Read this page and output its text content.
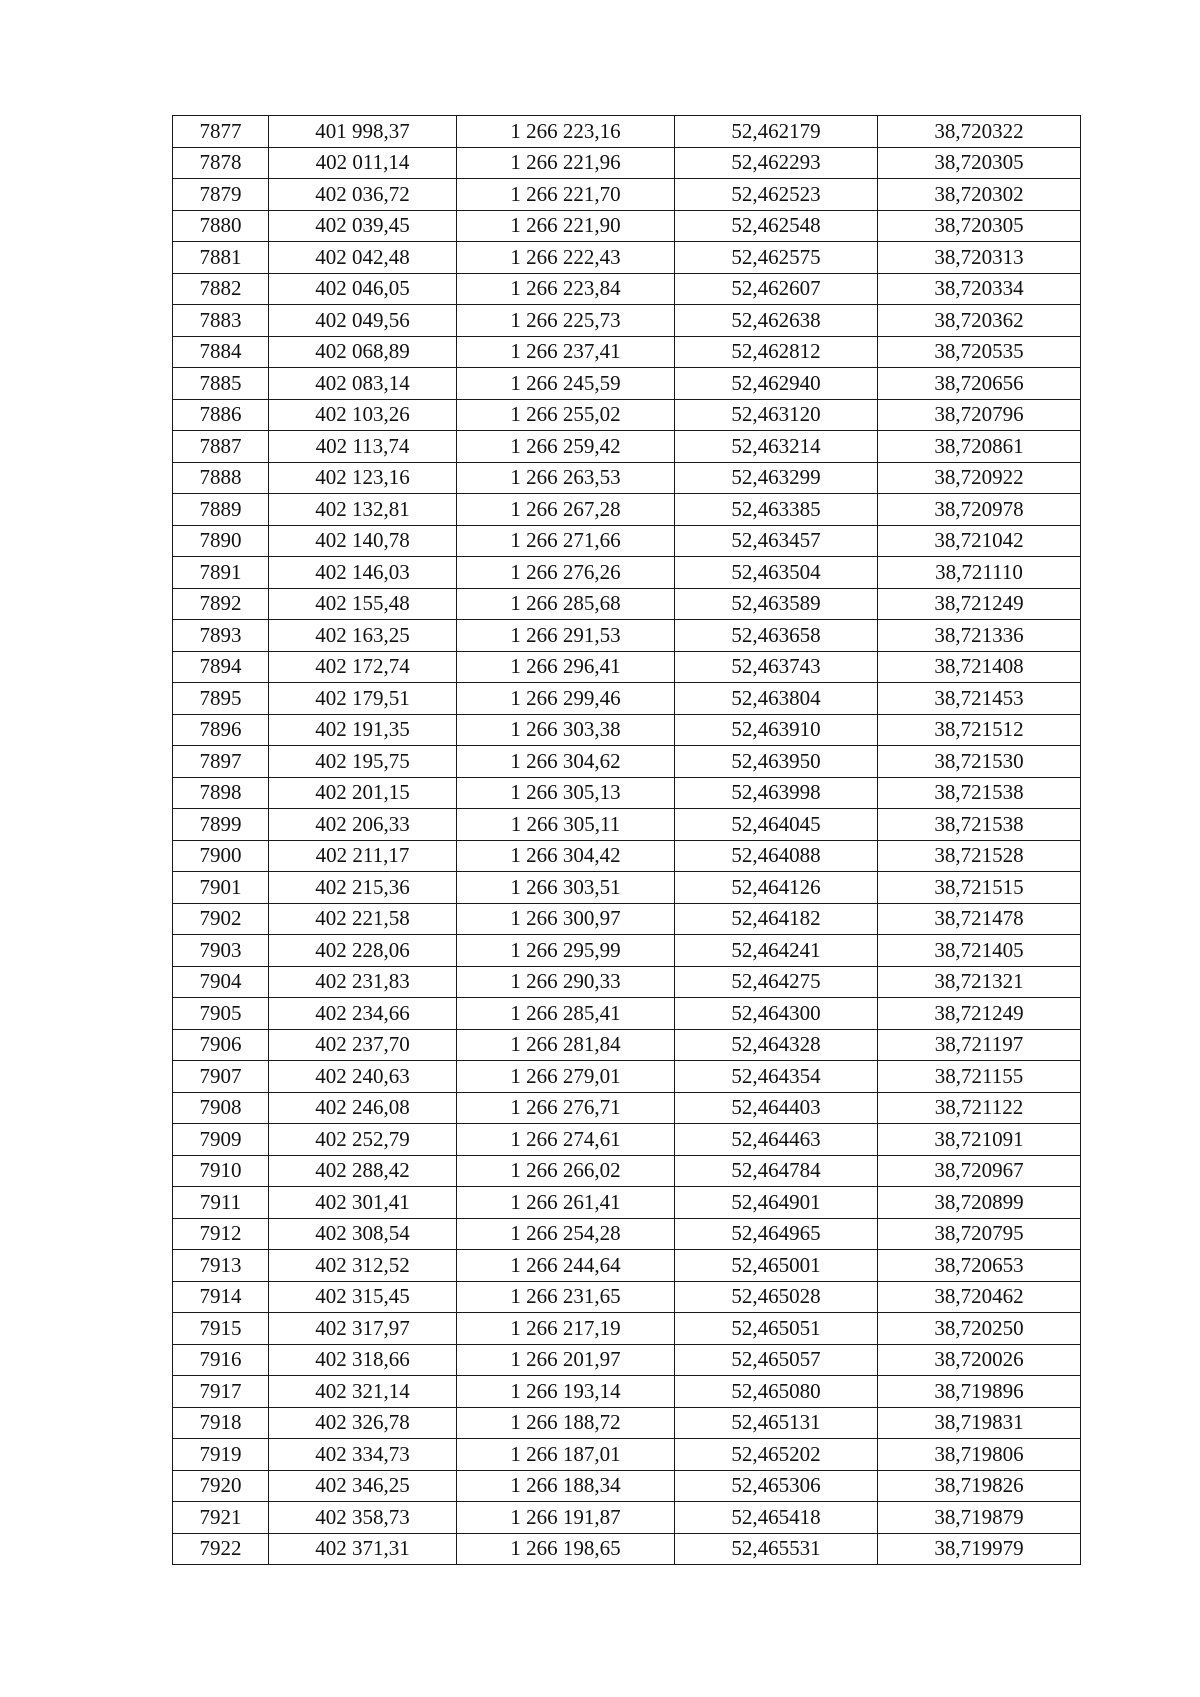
7877	401 998,37	1 266 223,16	52,462179	38,720322
7878	402 011,14	1 266 221,96	52,462293	38,720305
7879	402 036,72	1 266 221,70	52,462523	38,720302
7880	402 039,45	1 266 221,90	52,462548	38,720305
7881	402 042,48	1 266 222,43	52,462575	38,720313
7882	402 046,05	1 266 223,84	52,462607	38,720334
7883	402 049,56	1 266 225,73	52,462638	38,720362
7884	402 068,89	1 266 237,41	52,462812	38,720535
7885	402 083,14	1 266 245,59	52,462940	38,720656
7886	402 103,26	1 266 255,02	52,463120	38,720796
7887	402 113,74	1 266 259,42	52,463214	38,720861
7888	402 123,16	1 266 263,53	52,463299	38,720922
7889	402 132,81	1 266 267,28	52,463385	38,720978
7890	402 140,78	1 266 271,66	52,463457	38,721042
7891	402 146,03	1 266 276,26	52,463504	38,721110
7892	402 155,48	1 266 285,68	52,463589	38,721249
7893	402 163,25	1 266 291,53	52,463658	38,721336
7894	402 172,74	1 266 296,41	52,463743	38,721408
7895	402 179,51	1 266 299,46	52,463804	38,721453
7896	402 191,35	1 266 303,38	52,463910	38,721512
7897	402 195,75	1 266 304,62	52,463950	38,721530
7898	402 201,15	1 266 305,13	52,463998	38,721538
7899	402 206,33	1 266 305,11	52,464045	38,721538
7900	402 211,17	1 266 304,42	52,464088	38,721528
7901	402 215,36	1 266 303,51	52,464126	38,721515
7902	402 221,58	1 266 300,97	52,464182	38,721478
7903	402 228,06	1 266 295,99	52,464241	38,721405
7904	402 231,83	1 266 290,33	52,464275	38,721321
7905	402 234,66	1 266 285,41	52,464300	38,721249
7906	402 237,70	1 266 281,84	52,464328	38,721197
7907	402 240,63	1 266 279,01	52,464354	38,721155
7908	402 246,08	1 266 276,71	52,464403	38,721122
7909	402 252,79	1 266 274,61	52,464463	38,721091
7910	402 288,42	1 266 266,02	52,464784	38,720967
7911	402 301,41	1 266 261,41	52,464901	38,720899
7912	402 308,54	1 266 254,28	52,464965	38,720795
7913	402 312,52	1 266 244,64	52,465001	38,720653
7914	402 315,45	1 266 231,65	52,465028	38,720462
7915	402 317,97	1 266 217,19	52,465051	38,720250
7916	402 318,66	1 266 201,97	52,465057	38,720026
7917	402 321,14	1 266 193,14	52,465080	38,719896
7918	402 326,78	1 266 188,72	52,465131	38,719831
7919	402 334,73	1 266 187,01	52,465202	38,719806
7920	402 346,25	1 266 188,34	52,465306	38,719826
7921	402 358,73	1 266 191,87	52,465418	38,719879
7922	402 371,31	1 266 198,65	52,465531	38,719979
